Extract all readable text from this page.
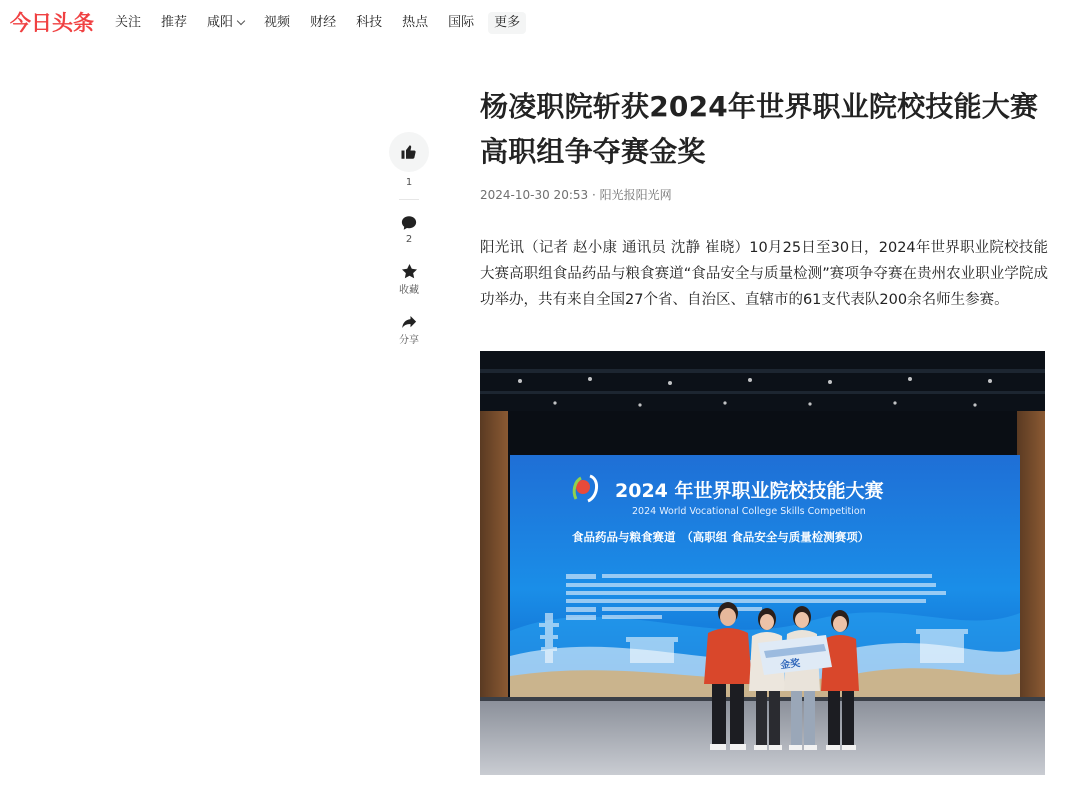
今日头条 关注 推荐 咸阳 视频 财经 科技 热点 国际	更多
1
2
收藏
分享
杨凌职院斩获2024年世界职业院校技能大赛高职组争夺赛金奖
2024-10-30 20:53 · 阳光报阳光网

阳光讯（记者 赵小康 通讯员 沈静 崔晓）10月25日至30日，2024年世界职业院校技能大赛高职组食品药品与粮食赛道“食品安全与质量检测”赛项争夺赛在贵州农业职业学院成功举办，共有来自全国27个省、自治区、直辖市的61支代表队200余名师生参赛。

2024 年世界职业院校技能大赛
2024 World Vocational College Skills Competition
食品药品与粮食赛道　（高职组 食品安全与质量检测赛项）
金奖
